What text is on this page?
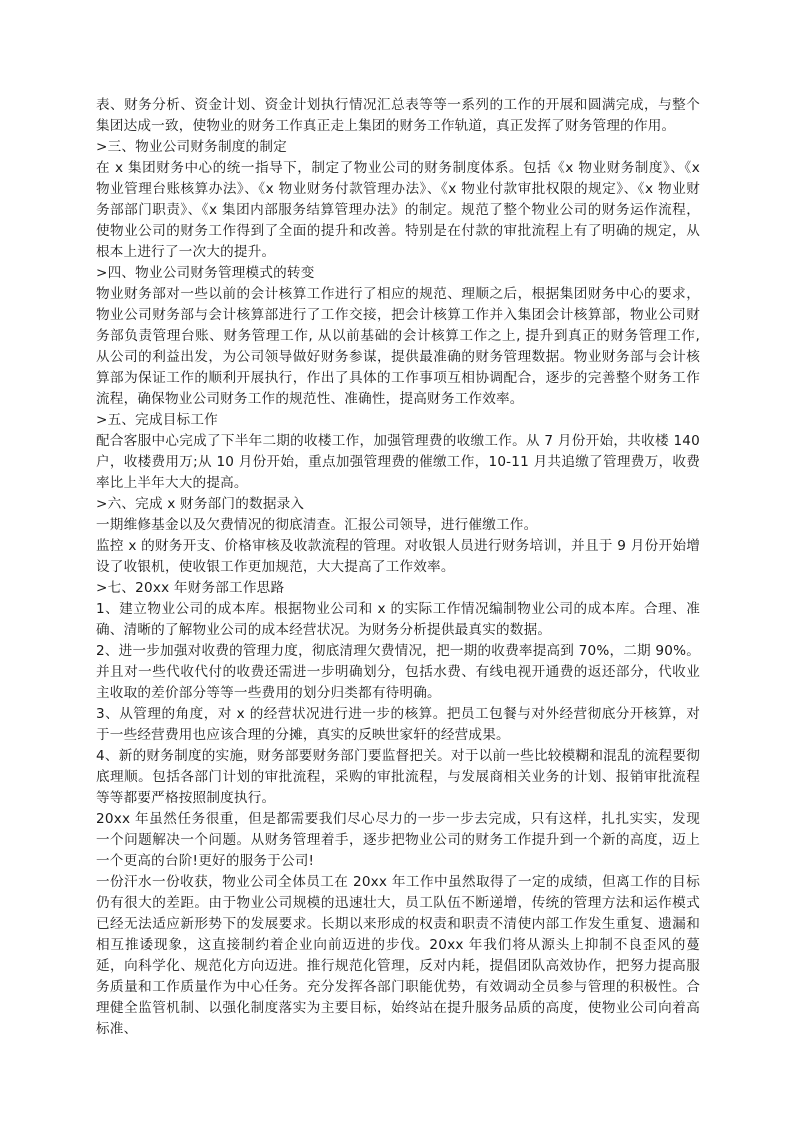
表、财务分析、资金计划、资金计划执行情况汇总表等等一系列的工作的开展和圆满完成，与整个集团达成一致，使物业的财务工作真正走上集团的财务工作轨道，真正发挥了财务管理的作用。

>三、物业公司财务制度的制定

在 x 集团财务中心的统一指导下，制定了物业公司的财务制度体系。包括《x 物业财务制度》、《x 物业管理台账核算办法》、《x 物业财务付款管理办法》、《x 物业付款审批权限的规定》、《x 物业财务部部门职责》、《x 集团内部服务结算管理办法》的制定。规范了整个物业公司的财务运作流程，使物业公司的财务工作得到了全面的提升和改善。特别是在付款的审批流程上有了明确的规定，从根本上进行了一次大的提升。

>四、物业公司财务管理模式的转变

物业财务部对一些以前的会计核算工作进行了相应的规范、理顺之后，根据集团财务中心的要求，物业公司财务部与会计核算部进行了工作交接，把会计核算工作并入集团会计核算部，物业公司财务部负责管理台账、财务管理工作, 从以前基础的会计核算工作之上, 提升到真正的财务管理工作, 从公司的利益出发，为公司领导做好财务参谋，提供最准确的财务管理数据。物业财务部与会计核算部为保证工作的顺利开展执行，作出了具体的工作事项互相协调配合，逐步的完善整个财务工作流程，确保物业公司财务工作的规范性、准确性，提高财务工作效率。

>五、完成目标工作

配合客服中心完成了下半年二期的收楼工作，加强管理费的收缴工作。从 7 月份开始，共收楼 140 户，收楼费用万;从 10 月份开始，重点加强管理费的催缴工作，10-11 月共追缴了管理费万，收费率比上半年大大的提高。

>六、完成 x 财务部门的数据录入

一期维修基金以及欠费情况的彻底清查。汇报公司领导，进行催缴工作。

监控 x 的财务开支、价格审核及收款流程的管理。对收银人员进行财务培训，并且于 9 月份开始增设了收银机，使收银工作更加规范，大大提高了工作效率。

>七、20xx 年财务部工作思路

1、建立物业公司的成本库。根据物业公司和 x 的实际工作情况编制物业公司的成本库。合理、准确、清晰的了解物业公司的成本经营状况。为财务分析提供最真实的数据。

2、进一步加强对收费的管理力度，彻底清理欠费情况，把一期的收费率提高到 70%，二期 90%。并且对一些代收代付的收费还需进一步明确划分，包括水费、有线电视开通费的返还部分，代收业主收取的差价部分等等一些费用的划分归类都有待明确。

3、从管理的角度，对 x 的经营状况进行进一步的核算。把员工包餐与对外经营彻底分开核算，对于一些经营费用也应该合理的分摊，真实的反映世家轩的经营成果。

4、新的财务制度的实施，财务部要财务部门要监督把关。对于以前一些比较模糊和混乱的流程要彻底理顺。包括各部门计划的审批流程，采购的审批流程，与发展商相关业务的计划、报销审批流程等等都要严格按照制度执行。

20xx 年虽然任务很重，但是都需要我们尽心尽力的一步一步去完成，只有这样，扎扎实实，发现一个问题解决一个问题。从财务管理着手，逐步把物业公司的财务工作提升到一个新的高度，迈上一个更高的台阶!更好的服务于公司!

一份汗水一份收获，物业公司全体员工在 20xx 年工作中虽然取得了一定的成绩，但离工作的目标仍有很大的差距。由于物业公司规模的迅速壮大，员工队伍不断递增，传统的管理方法和运作模式已经无法适应新形势下的发展要求。长期以来形成的权责和职责不清使内部工作发生重复、遗漏和相互推诿现象，这直接制约着企业向前迈进的步伐。20xx 年我们将从源头上抑制不良歪风的蔓延，向科学化、规范化方向迈进。推行规范化管理，反对内耗，提倡团队高效协作，把努力提高服务质量和工作质量作为中心任务。充分发挥各部门职能优势，有效调动全员参与管理的积极性。合理健全监管机制、以强化制度落实为主要目标，始终站在提升服务品质的高度，使物业公司向着高标准、
